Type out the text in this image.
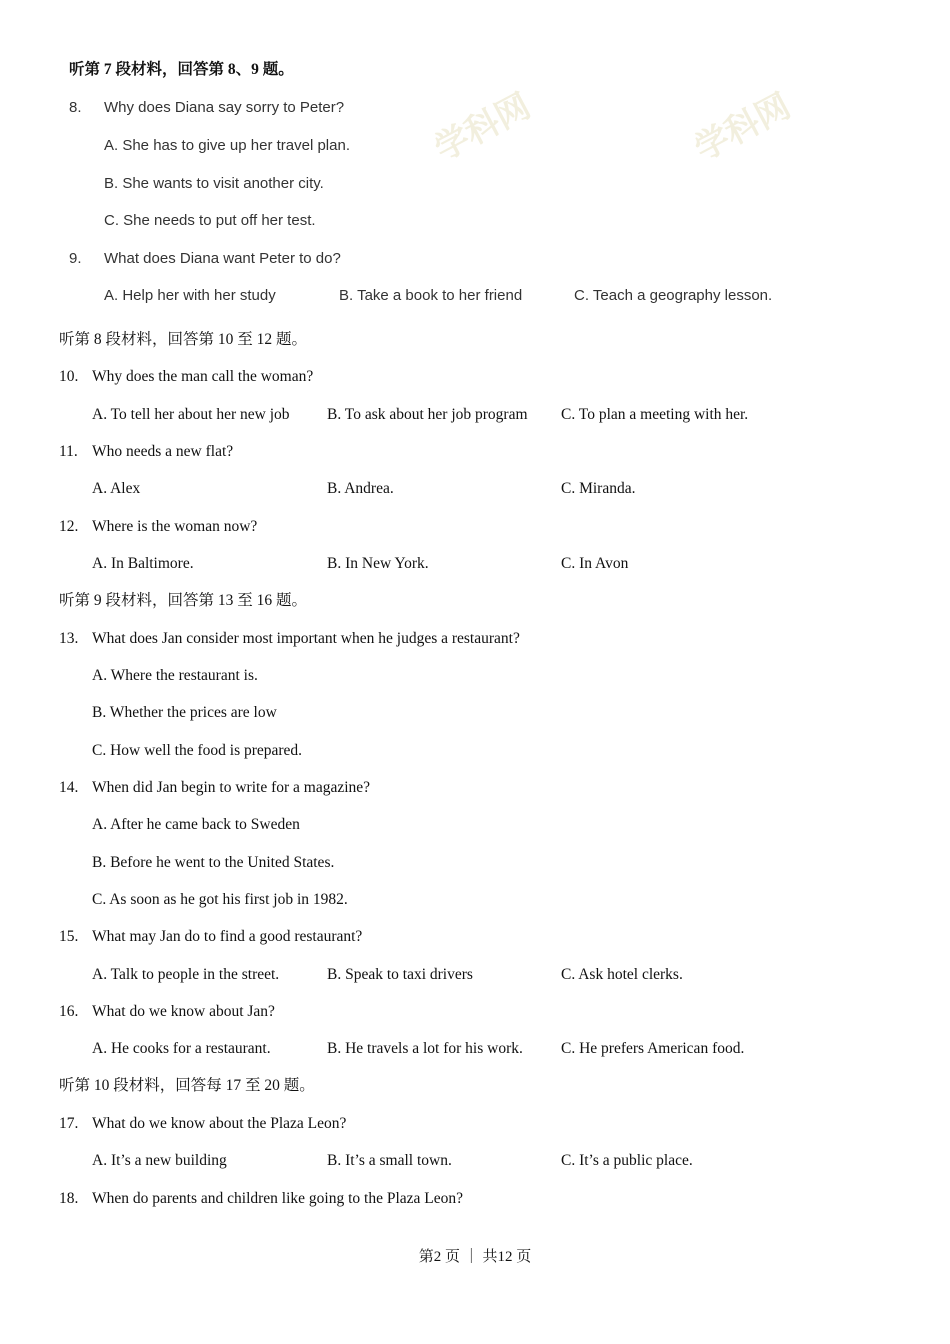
学科网	学科网
听第 7 段材料，回答第 8、9 题。
8. Why does Diana say sorry to Peter?
A. She has to give up her travel plan.
B. She wants to visit another city.
C. She needs to put off her test.
9. What does Diana want Peter to do?
A. Help her with her study	B. Take a book to her friend	C. Teach a geography lesson.
听第 8 段材料，回答第 10 至 12 题。
10. Why does the man call the woman?
A. To tell her about her new job B. To ask about her job program C. To plan a meeting with her.
11. Who needs a new flat?
A. Alex	B. Andrea.	C. Miranda.
12. Where is the woman now?
A. In Baltimore.	B. In New York.	C. In Avon
听第 9 段材料，回答第 13 至 16 题。
13. What does Jan consider most important when he judges a restaurant?
A. Where the restaurant is.
B. Whether the prices are low
C. How well the food is prepared.
14. When did Jan begin to write for a magazine?
A. After he came back to Sweden
B. Before he went to the United States.
C. As soon as he got his first job in 1982.
15. What may Jan do to find a good restaurant?
A. Talk to people in the street.	B. Speak to taxi drivers	C. Ask hotel clerks.
16. What do we know about Jan?
A. He cooks for a restaurant.	B. He travels a lot for his work. C. He prefers American food.
听第 10 段材料，回答每 17 至 20 题。
17. What do we know about the Plaza Leon?
A. It’s a new building	B. It’s a small town.	C. It’s a public place.
18. When do parents and children like going to the Plaza Leon?
第2 页 ｜ 共12 页
